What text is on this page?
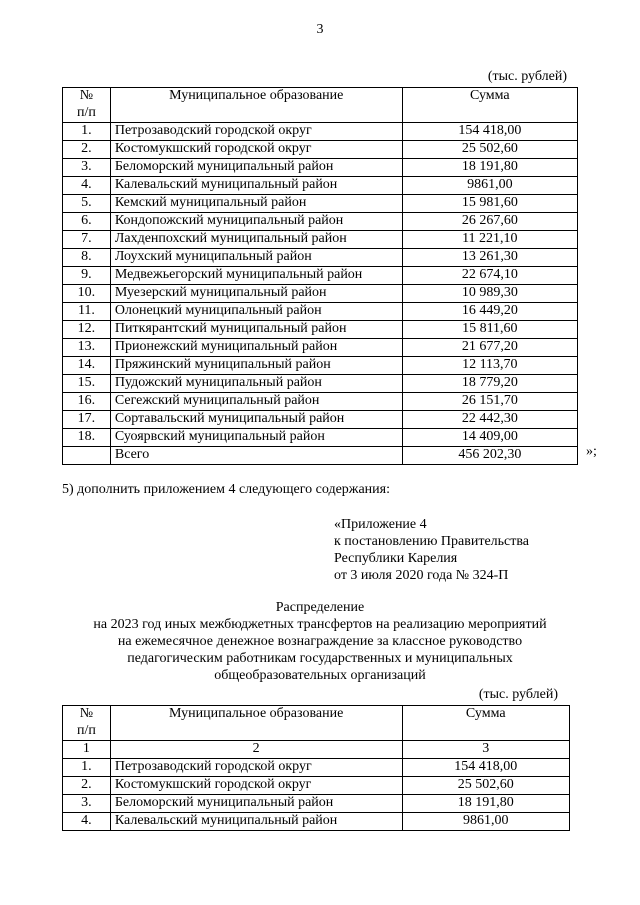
3
(тыс. рублей)
№
п/п	Муниципальное образование	Сумма
1.	Петрозаводский городской округ	154 418,00
2.	Костомукшский городской округ	25 502,60
3.	Беломорский муниципальный район	18 191,80
4.	Калевальский муниципальный район	9861,00
5.	Кемский муниципальный район	15 981,60
6.	Кондопожский муниципальный район	26 267,60
7.	Лахденпохский муниципальный район	11 221,10
8.	Лоухский муниципальный район	13 261,30
9.	Медвежьегорский муниципальный район	22 674,10
10.	Муезерский муниципальный район	10 989,30
11.	Олонецкий муниципальный район	16 449,20
12.	Питкярантский муниципальный район	15 811,60
13.	Прионежский муниципальный район	21 677,20
14.	Пряжинский муниципальный район	12 113,70
15.	Пудожский муниципальный район	18 779,20
16.	Сегежский муниципальный район	26 151,70
17.	Сортавальский муниципальный район	22 442,30
18.	Суоярвский муниципальный район	14 409,00
	Всего	456 202,30	»;
5) дополнить приложением 4 следующего содержания:
«Приложение 4
к постановлению Правительства
Республики Карелия
от 3 июля 2020 года № 324-П
Распределение
на 2023 год иных межбюджетных трансфертов на реализацию мероприятий
на ежемесячное денежное вознаграждение за классное руководство
педагогическим работникам государственных и муниципальных
общеобразовательных организаций
(тыс. рублей)
№
п/п	Муниципальное образование	Сумма
1	2	3
1.	Петрозаводский городской округ	154 418,00
2.	Костомукшский городской округ	25 502,60
3.	Беломорский муниципальный район	18 191,80
4.	Калевальский муниципальный район	9861,00
